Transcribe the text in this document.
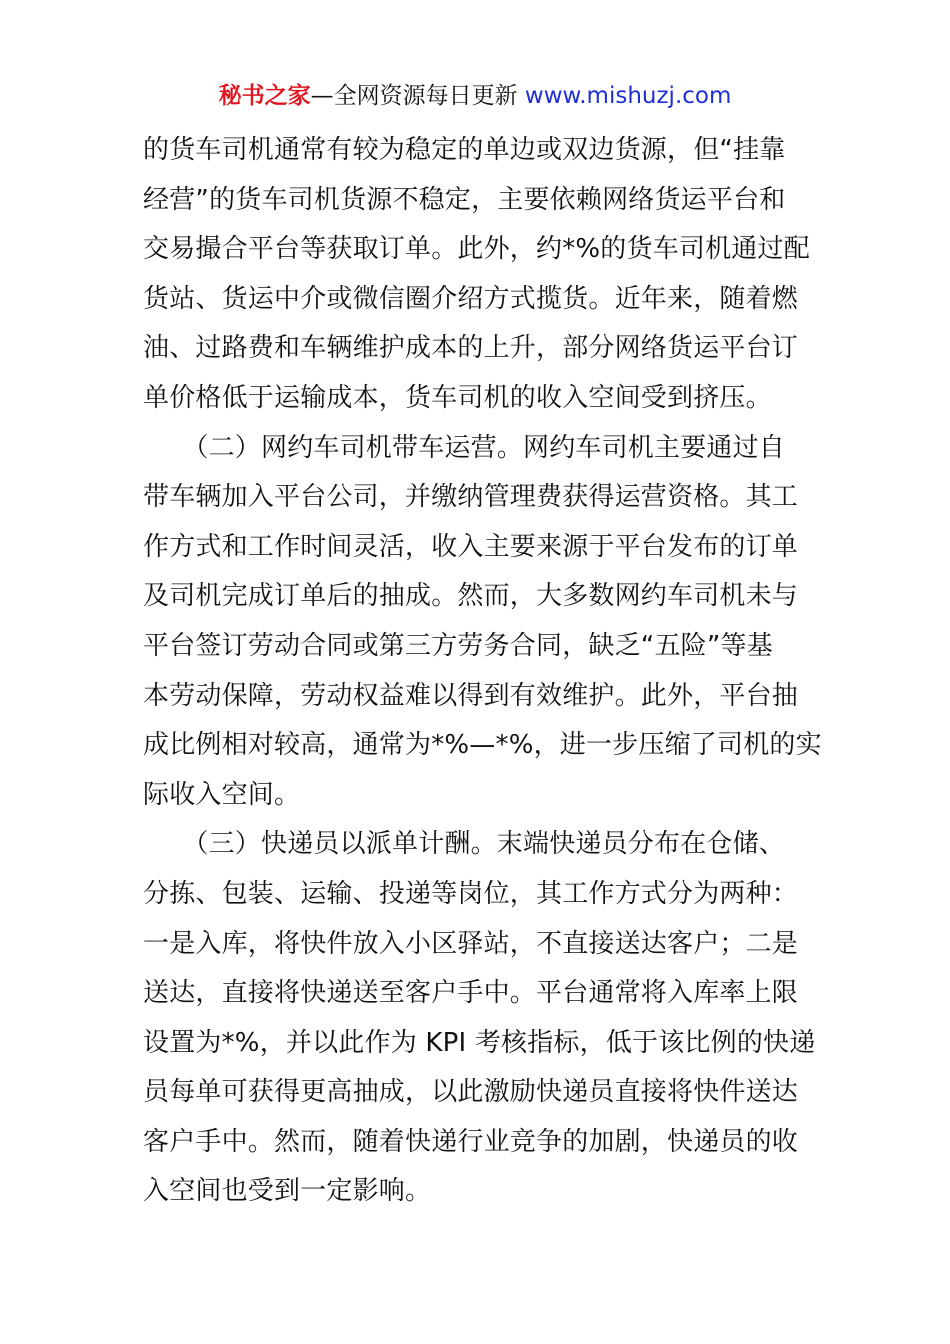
秘书之家—全网资源每日更新 www.mishuzj.com
的货车司机通常有较为稳定的单边或双边货源，但“挂靠
经营”的货车司机货源不稳定，主要依赖网络货运平台和
交易撮合平台等获取订单。此外，约*%的货车司机通过配
货站、货运中介或微信圈介绍方式揽货。近年来，随着燃
油、过路费和车辆维护成本的上升，部分网络货运平台订
单价格低于运输成本，货车司机的收入空间受到挤压。
　　（二）网约车司机带车运营。网约车司机主要通过自
带车辆加入平台公司，并缴纳管理费获得运营资格。其工
作方式和工作时间灵活，收入主要来源于平台发布的订单
及司机完成订单后的抽成。然而，大多数网约车司机未与
平台签订劳动合同或第三方劳务合同，缺乏“五险”等基
本劳动保障，劳动权益难以得到有效维护。此外，平台抽
成比例相对较高，通常为*%—*%，进一步压缩了司机的实
际收入空间。
　　（三）快递员以派单计酬。末端快递员分布在仓储、
分拣、包装、运输、投递等岗位，其工作方式分为两种：
一是入库，将快件放入小区驿站，不直接送达客户；二是
送达，直接将快递送至客户手中。平台通常将入库率上限
设置为*%，并以此作为 KPI 考核指标，低于该比例的快递
员每单可获得更高抽成，以此激励快递员直接将快件送达
客户手中。然而，随着快递行业竞争的加剧，快递员的收
入空间也受到一定影响。
